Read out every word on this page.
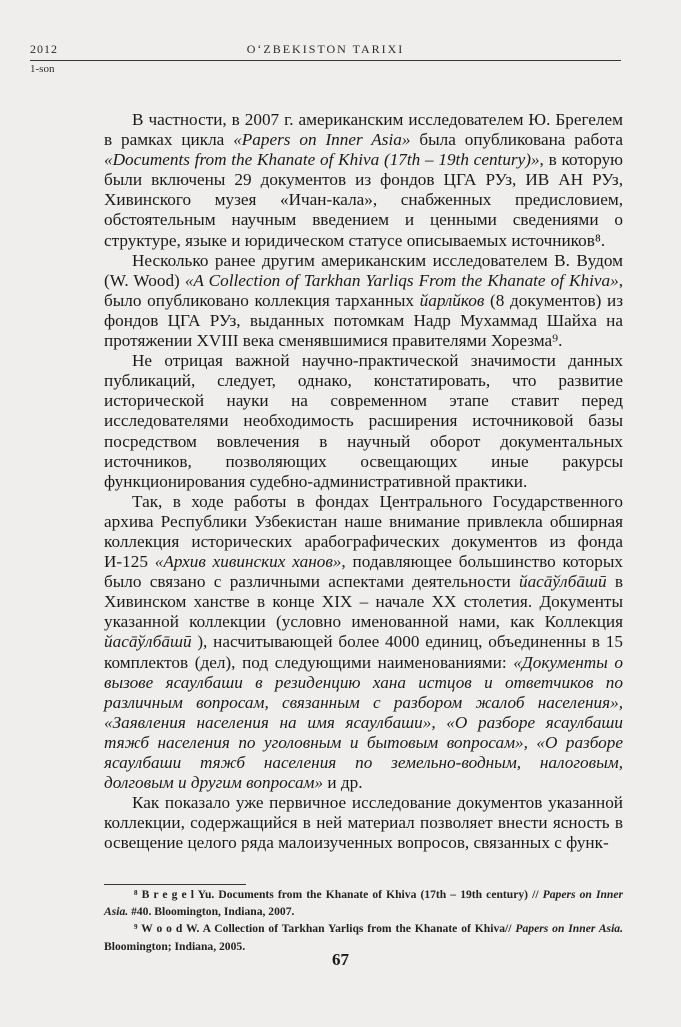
2012	O‘ZBEKISTON TARIXI
1-son

В частности, в 2007 г. американским исследователем Ю. Брегелем в рамках цикла «Papers on Inner Asia» была опубликована работа «Documents from the Khanate of Khiva (17th – 19th century)», в которую были включены 29 документов из фондов ЦГА РУз, ИВ АН РУз, Хивинского музея «Ичан-кала», снабженных предисловием, обстоятельным научным введением и ценными сведениями о структуре, языке и юридическом статусе описываемых источников⁸.

Несколько ранее другим американским исследователем В. Вудом (W. Wood) «A Collection of Tarkhan Yarliqs From the Khanate of Khiva», было опубликовано коллекция тарханных йарлйков (8 документов) из фондов ЦГА РУз, выданных потомкам Надр Мухаммад Шайха на протяжении XVIII века сменявшимися правителями Хорезма⁹.

Не отрицая важной научно-практической значимости данных публикаций, следует, однако, констатировать, что развитие исторической науки на современном этапе ставит перед исследователями необходимость расширения источниковой базы посредством вовлечения в научный оборот документальных источников, позволяющих освещающих иные ракурсы функционирования судебно-административной практики.

Так, в ходе работы в фондах Центрального Государственного архива Республики Узбекистан наше внимание привлекла обширная коллекция исторических арабографических документов из фонда И-125 «Архив хивинских ханов», подавляющее большинство которых было связано с различными аспектами деятельности йасāўлбāшӣ в Хивинском ханстве в конце XIX – начале XX столетия. Документы указанной коллекции (условно именованной нами, как Коллекция йасāўлбāшӣ ), насчитывающей более 4000 единиц, объединенны в 15 комплектов (дел), под следующими наименованиями: «Документы о вызове ясаулбаши в резиденцию хана истцов и ответчиков по различным вопросам, связанным с разбором жалоб населения», «Заявления населения на имя ясаулбаши», «О разборе ясаулбаши тяжб населения по уголовным и бытовым вопросам», «О разборе ясаулбаши тяжб населения по земельно-водным, налоговым, долговым и другим вопросам» и др.

Как показало уже первичное исследование документов указанной коллекции, содержащийся в ней материал позволяет внести ясность в освещение целого ряда малоизученных вопросов, связанных с функ-

⁸ B r e g e l Yu. Documents from the Khanate of Khiva (17th – 19th century) // Papers on Inner Asia. #40. Bloomington, Indiana, 2007.

⁹ W o o d W. A Collection of Tarkhan Yarliqs from the Khanate of Khiva// Papers on Inner Asia. Bloomington; Indiana, 2005.

67
